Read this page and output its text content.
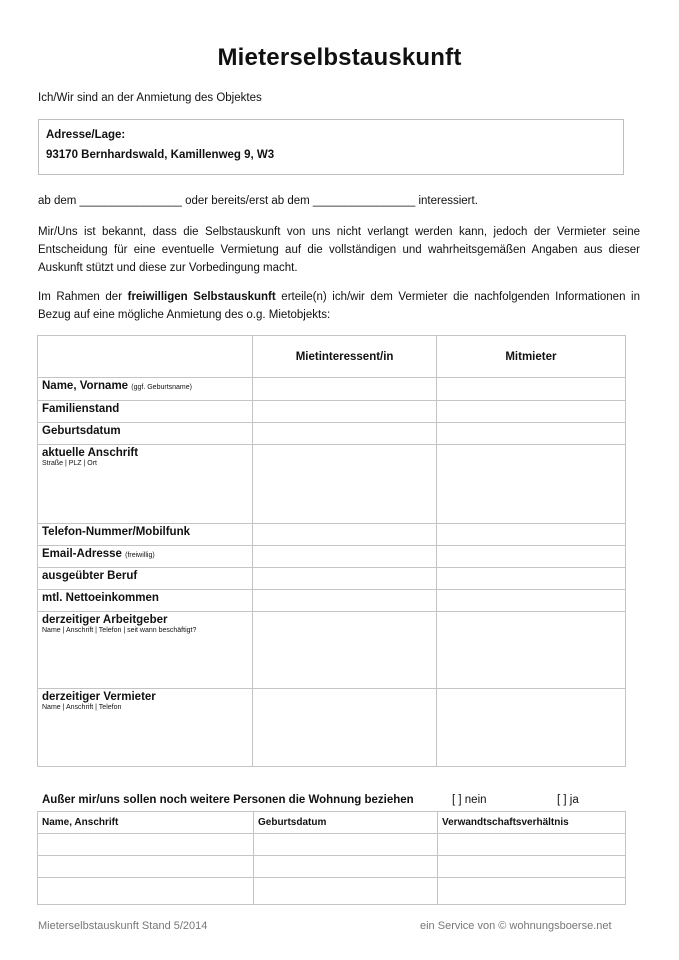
Mieterselbstauskunft
Ich/Wir sind an der Anmietung des Objektes
Adresse/Lage:
93170 Bernhardswald, Kamillenweg 9, W3
ab dem ________________ oder bereits/erst ab dem ________________ interessiert.
Mir/Uns ist bekannt, dass die Selbstauskunft von uns nicht verlangt werden kann, jedoch der Vermieter seine Entscheidung für eine eventuelle Vermietung auf die vollständigen und wahrheitsgemäßen Angaben aus dieser Auskunft stützt und diese zur Vorbedingung macht.
Im Rahmen der freiwilligen Selbstauskunft erteile(n) ich/wir dem Vermieter die nachfolgenden Informationen in Bezug auf eine mögliche Anmietung des o.g. Mietobjekts:
	Mietinteressent/in	Mitmieter

Name, Vorname (ggf. Geburtsname)		

Familienstand		

Geburtsdatum		

aktuelle Anschrift
Straße | PLZ | Ort		

Telefon-Nummer/Mobilfunk		

Email-Adresse (freiwillig)		

ausgeübter Beruf		

mtl. Nettoeinkommen		

derzeitiger Arbeitgeber
Name | Anschrift | Telefon | seit wann beschäftigt?		

derzeitiger Vermieter
Name | Anschrift | Telefon		

Außer mir/uns sollen noch weitere Personen die Wohnung beziehen	[ ] nein	[ ] ja
Name, Anschrift	Geburtsdatum	Verwandtschaftsverhältnis

Mieterselbstauskunft Stand 5/2014	ein Service von © wohnungsboerse.net
